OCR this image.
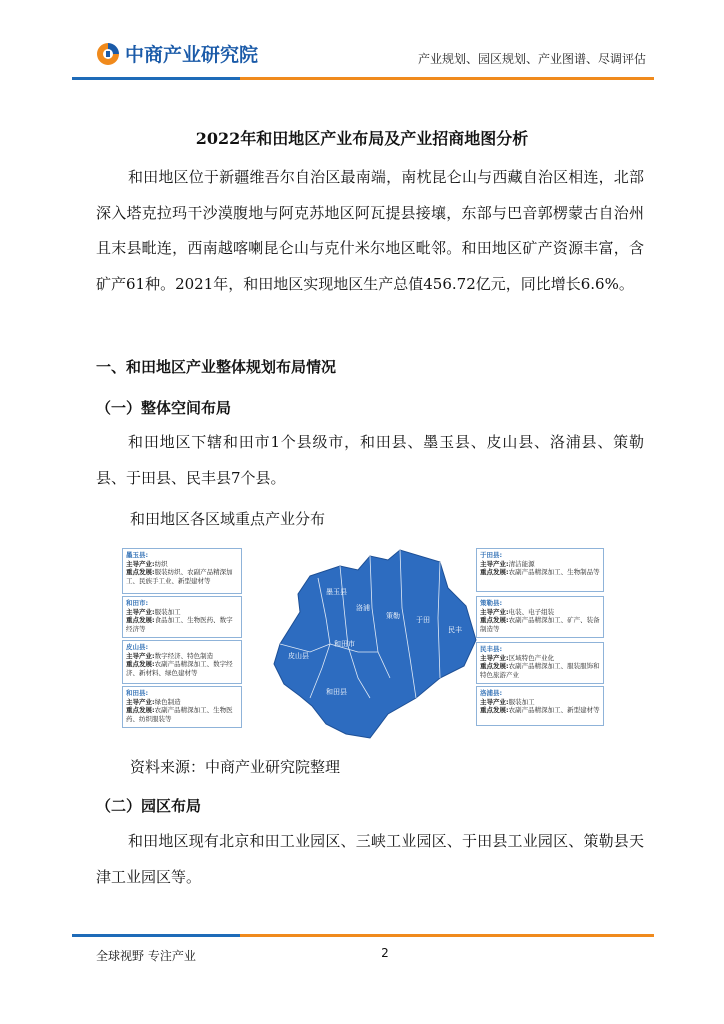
中商产业研究院	产业规划、园区规划、产业图谱、尽调评估
2022年和田地区产业布局及产业招商地图分析

和田地区位于新疆维吾尔自治区最南端，南枕昆仑山与西藏自治区相连，北部深入塔克拉玛干沙漠腹地与阿克苏地区阿瓦提县接壤，东部与巴音郭楞蒙古自治州且末县毗连，西南越喀喇昆仑山与克什米尔地区毗邻。和田地区矿产资源丰富，含矿产61种。2021年，和田地区实现地区生产总值456.72亿元，同比增长6.6%。

一、和田地区产业整体规划布局情况
（一）整体空间布局

和田地区下辖和田市1个县级市，和田县、墨玉县、皮山县、洛浦县、策勒县、于田县、民丰县7个县。

和田地区各区域重点产业分布
墨玉县:
主导产业:纺织
重点发展:服装纺织、农副产品精深加工、民族手工业、新型建材等
和田市:
主导产业:服装加工
重点发展:食品加工、生物医药、数字经济等
皮山县:
主导产业:数字经济、特色制造
重点发展:农副产品精深加工、数字经济、新材料、绿色建材等
和田县:
主导产业:绿色制造
重点发展:农副产品精深加工、生物医药、纺织服装等
墨玉县
洛浦
策勒 于田
民丰
和田市
皮山县
和田县
于田县:
主导产业:清洁能源
重点发展:农副产品精深加工、生物制品等
策勒县:
主导产业:电装、电子组装
重点发展:农副产品精深加工、矿产、装备制造等
民丰县:
主导产业:区域特色产业化
重点发展:农副产品精深加工、服装服饰和特色旅游产业
洛浦县:
主导产业:服装加工
重点发展:农副产品精深加工、新型建材等
资料来源：中商产业研究院整理
（二）园区布局

和田地区现有北京和田工业园区、三峡工业园区、于田县工业园区、策勒县天津工业园区等。

全球视野 专注产业	2
